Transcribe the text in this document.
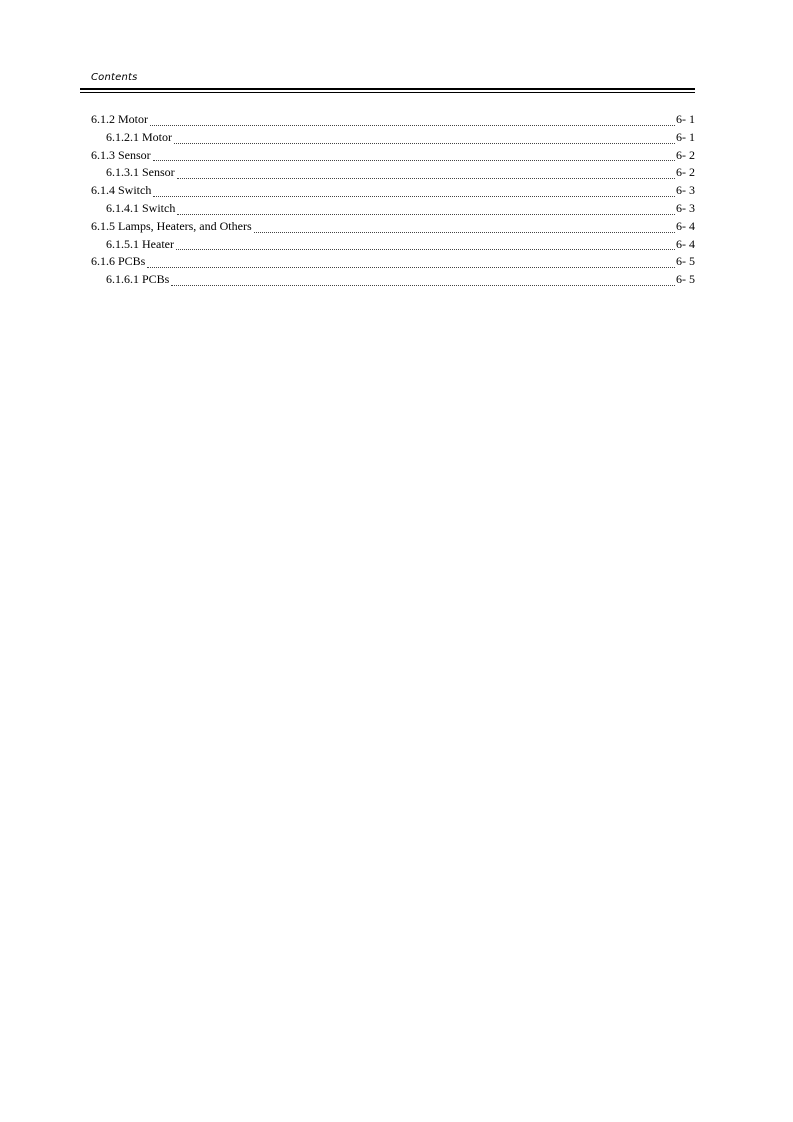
Contents
6.1.2 Motor	6- 1
6.1.2.1 Motor	6- 1
6.1.3 Sensor	6- 2
6.1.3.1 Sensor	6- 2
6.1.4 Switch	6- 3
6.1.4.1 Switch	6- 3
6.1.5 Lamps, Heaters, and Others	6- 4
6.1.5.1 Heater	6- 4
6.1.6 PCBs	6- 5
6.1.6.1 PCBs	6- 5
